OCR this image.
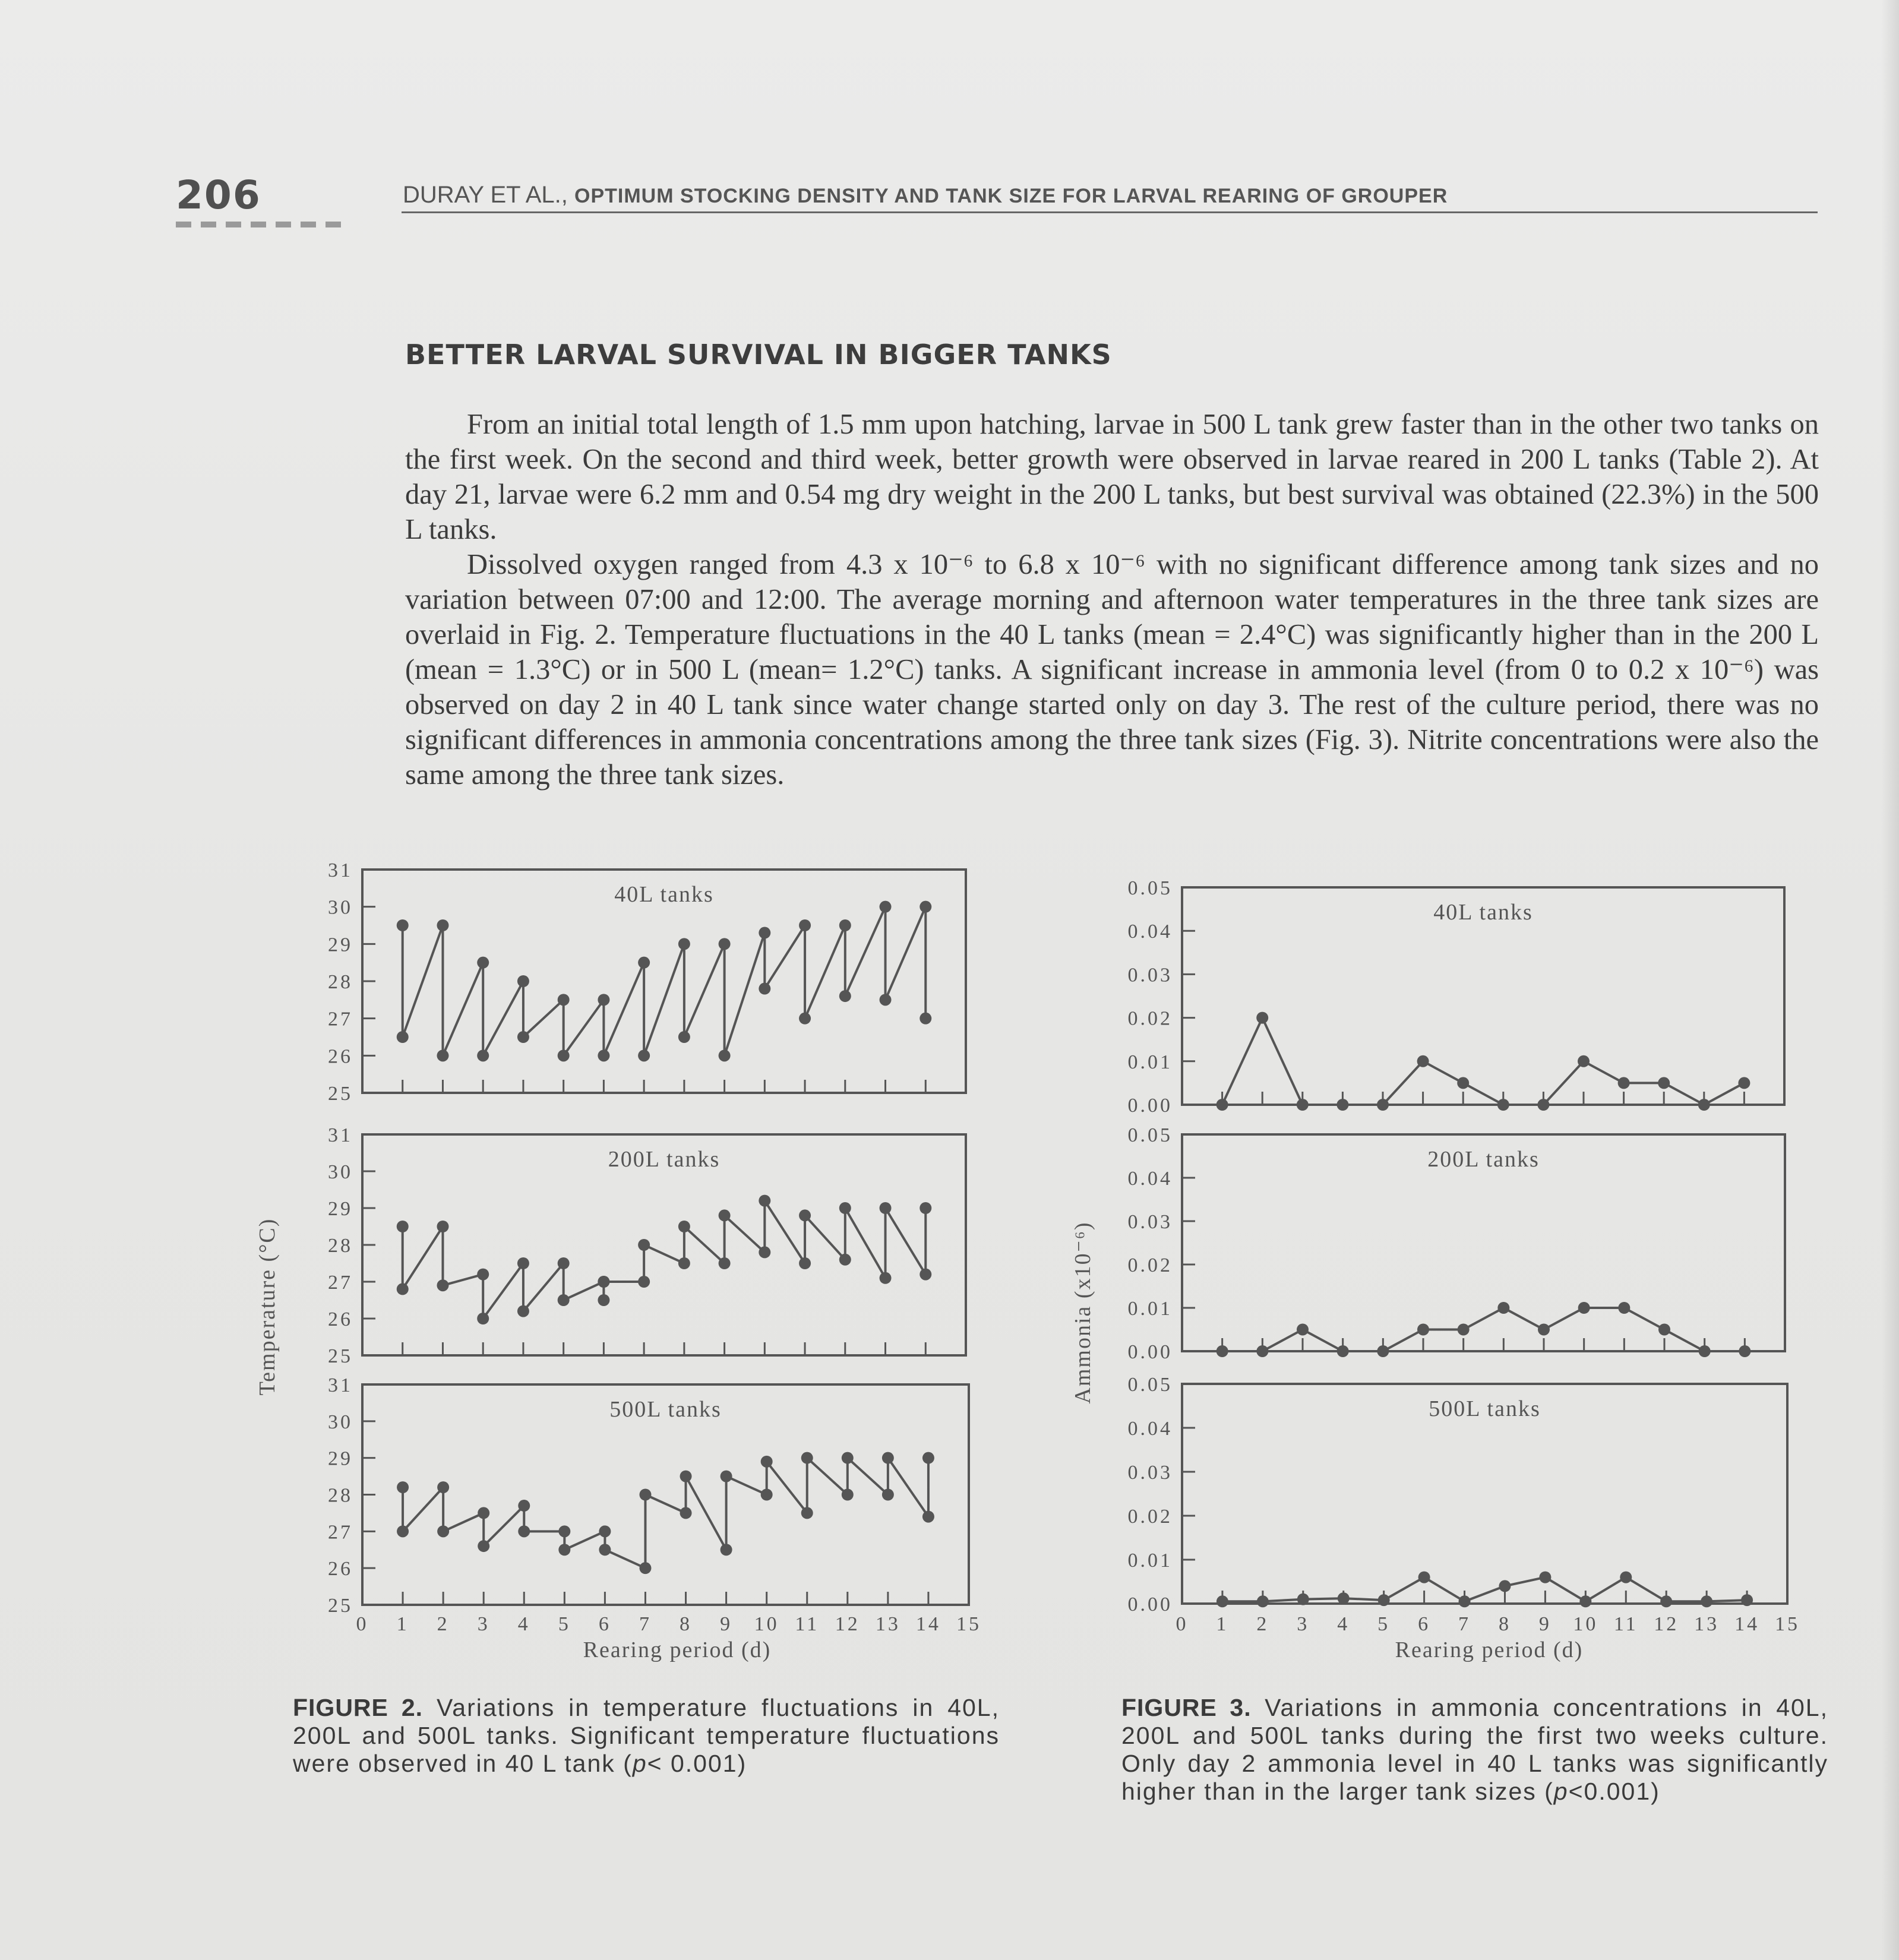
206	DURAY ET AL., OPTIMUM STOCKING DENSITY AND TANK SIZE FOR LARVAL REARING OF GROUPER
BETTER LARVAL SURVIVAL IN BIGGER TANKS

From an initial total length of 1.5 mm upon hatching, larvae in 500 L tank grew faster than in the other two tanks on the first week. On the second and third week, better growth were observed in larvae reared in 200 L tanks (Table 2). At day 21, larvae were 6.2 mm and 0.54 mg dry weight in the 200 L tanks, but best survival was obtained (22.3%) in the 500 L tanks.

Dissolved oxygen ranged from 4.3 x 10⁻⁶ to 6.8 x 10⁻⁶ with no significant difference among tank sizes and no variation between 07:00 and 12:00. The average morning and afternoon water temperatures in the three tank sizes are overlaid in Fig. 2. Temperature fluctuations in the 40 L tanks (mean = 2.4°C) was significantly higher than in the 200 L (mean = 1.3°C) or in 500 L (mean= 1.2°C) tanks. A significant increase in ammonia level (from 0 to 0.2 x 10⁻⁶) was observed on day 2 in 40 L tank since water change started only on day 3. The rest of the culture period, there was no significant differences in ammonia concentrations among the three tank sizes (Fig. 3). Nitrite concentrations were also the same among the three tank sizes.

25
26
27
28
29
30
31
40L tanks
25
26
27
28
29
30
31
200L tanks
25
26
27
28
29
30
31
500L tanks
0 1 2 3 4 5 6 7 8 9 10 11 12 13 14 15
Rearing period (d)
Temperature (°C)
0.00
0.01
0.02
0.03
0.04
0.05
40L tanks
0.00
0.01
0.02
0.03
0.04
0.05
200L tanks
0.00
0.01
0.02
0.03
0.04
0.05
500L tanks
0 1 2 3 4 5 6 7 8 9 10 11 12 13 14 15
Rearing period (d)
Ammonia (x10⁻⁶)
FIGURE 2. Variations in temperature fluctuations in 40L, 200L and 500L tanks. Significant temperature fluctuations were observed in 40 L tank (p< 0.001)
FIGURE 3. Variations in ammonia concentrations in 40L, 200L and 500L tanks during the first two weeks culture. Only day 2 ammonia level in 40 L tanks was significantly higher than in the larger tank sizes (p<0.001)
